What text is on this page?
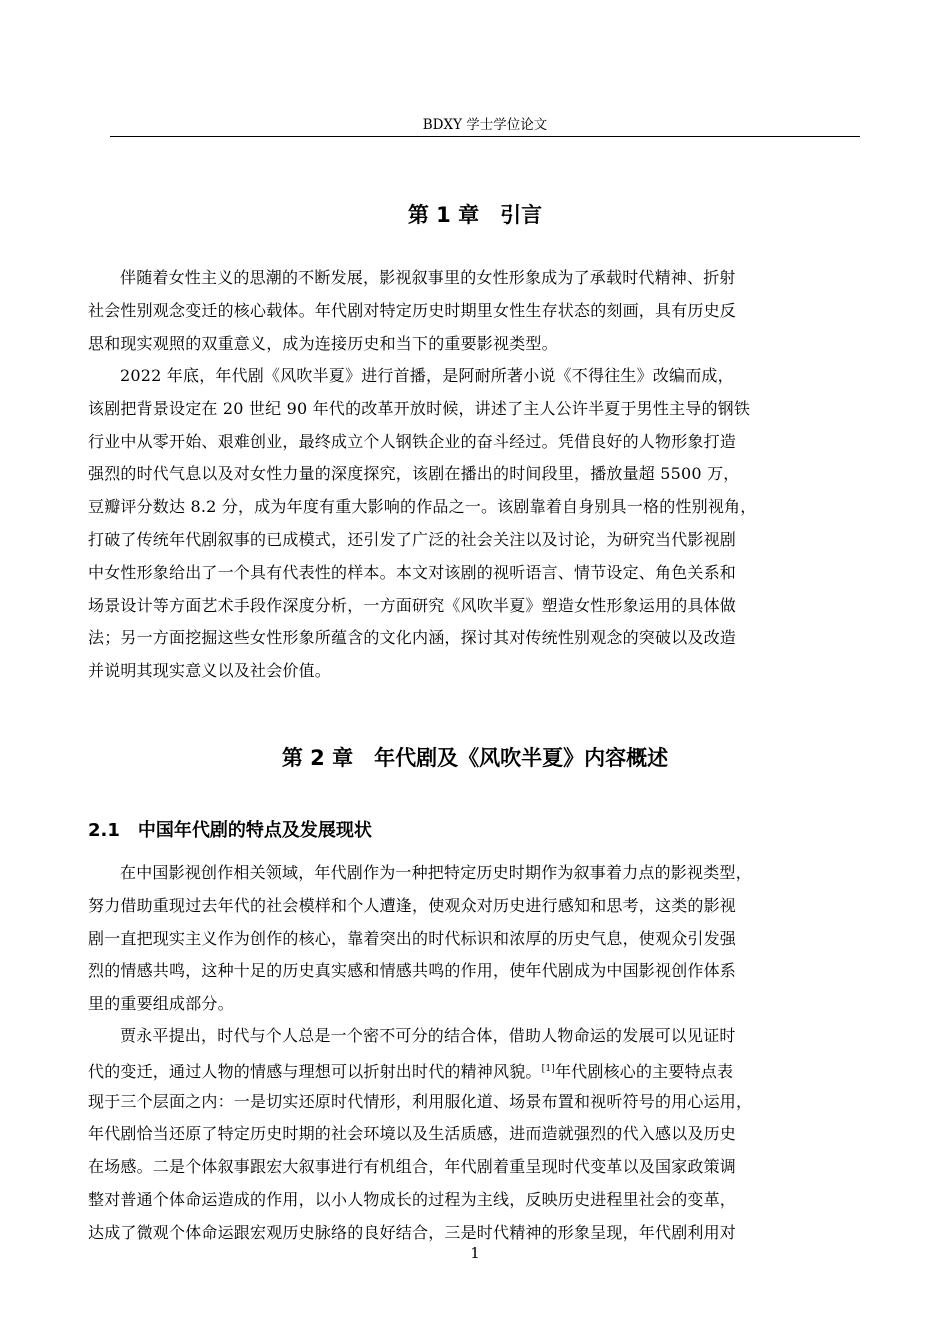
BDXY 学士学位论文
第 1 章　引言
伴随着女性主义的思潮的不断发展，影视叙事里的女性形象成为了承载时代精神、折射
社会性别观念变迁的核心载体。年代剧对特定历史时期里女性生存状态的刻画，具有历史反
思和现实观照的双重意义，成为连接历史和当下的重要影视类型。
2022 年底，年代剧《风吹半夏》进行首播，是阿耐所著小说《不得往生》改编而成，
该剧把背景设定在 20 世纪 90 年代的改革开放时候，讲述了主人公许半夏于男性主导的钢铁
行业中从零开始、艰难创业，最终成立个人钢铁企业的奋斗经过。凭借良好的人物形象打造
强烈的时代气息以及对女性力量的深度探究，该剧在播出的时间段里，播放量超 5500 万，
豆瓣评分数达 8.2 分，成为年度有重大影响的作品之一。该剧靠着自身别具一格的性别视角，
打破了传统年代剧叙事的已成模式，还引发了广泛的社会关注以及讨论，为研究当代影视剧
中女性形象给出了一个具有代表性的样本。本文对该剧的视听语言、情节设定、角色关系和
场景设计等方面艺术手段作深度分析，一方面研究《风吹半夏》塑造女性形象运用的具体做
法；另一方面挖掘这些女性形象所蕴含的文化内涵，探讨其对传统性别观念的突破以及改造
并说明其现实意义以及社会价值。
第 2 章　年代剧及《风吹半夏》内容概述
2.1　中国年代剧的特点及发展现状
在中国影视创作相关领域，年代剧作为一种把特定历史时期作为叙事着力点的影视类型，
努力借助重现过去年代的社会模样和个人遭逢，使观众对历史进行感知和思考，这类的影视
剧一直把现实主义作为创作的核心，靠着突出的时代标识和浓厚的历史气息，使观众引发强
烈的情感共鸣，这种十足的历史真实感和情感共鸣的作用，使年代剧成为中国影视创作体系
里的重要组成部分。
贾永平提出，时代与个人总是一个密不可分的结合体，借助人物命运的发展可以见证时
代的变迁，通过人物的情感与理想可以折射出时代的精神风貌。[1]年代剧核心的主要特点表
现于三个层面之内：一是切实还原时代情形，利用服化道、场景布置和视听符号的用心运用，
年代剧恰当还原了特定历史时期的社会环境以及生活质感，进而造就强烈的代入感以及历史
在场感。二是个体叙事跟宏大叙事进行有机组合，年代剧着重呈现时代变革以及国家政策调
整对普通个体命运造成的作用，以小人物成长的过程为主线，反映历史进程里社会的变革，
达成了微观个体命运跟宏观历史脉络的良好结合，三是时代精神的形象呈现，年代剧利用对
1
